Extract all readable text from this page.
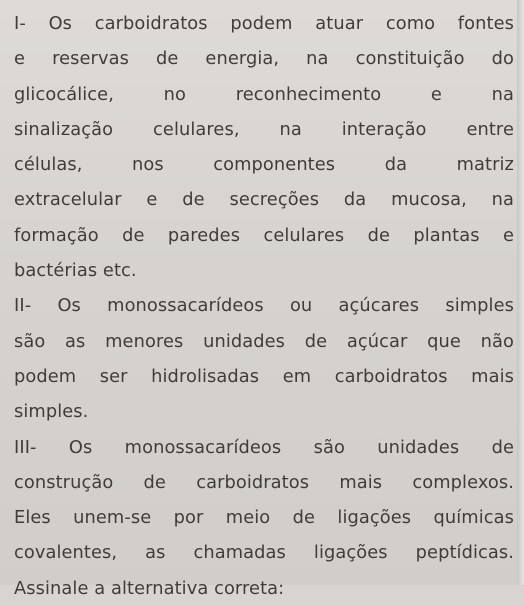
I- Os carboidratos podem atuar como fontes
e reservas de energia, na constituição do
glicocálice, no reconhecimento e na
sinalização celulares, na interação entre
células, nos componentes da matriz
extracelular e de secreções da mucosa, na
formação de paredes celulares de plantas e
bactérias etc.
II- Os monossacarídeos ou açúcares simples
são as menores unidades de açúcar que não
podem ser hidrolisadas em carboidratos mais
simples.
III- Os monossacarídeos são unidades de
construção de carboidratos mais complexos.
Eles unem-se por meio de ligações químicas
covalentes, as chamadas ligações peptídicas.
Assinale a alternativa correta:
